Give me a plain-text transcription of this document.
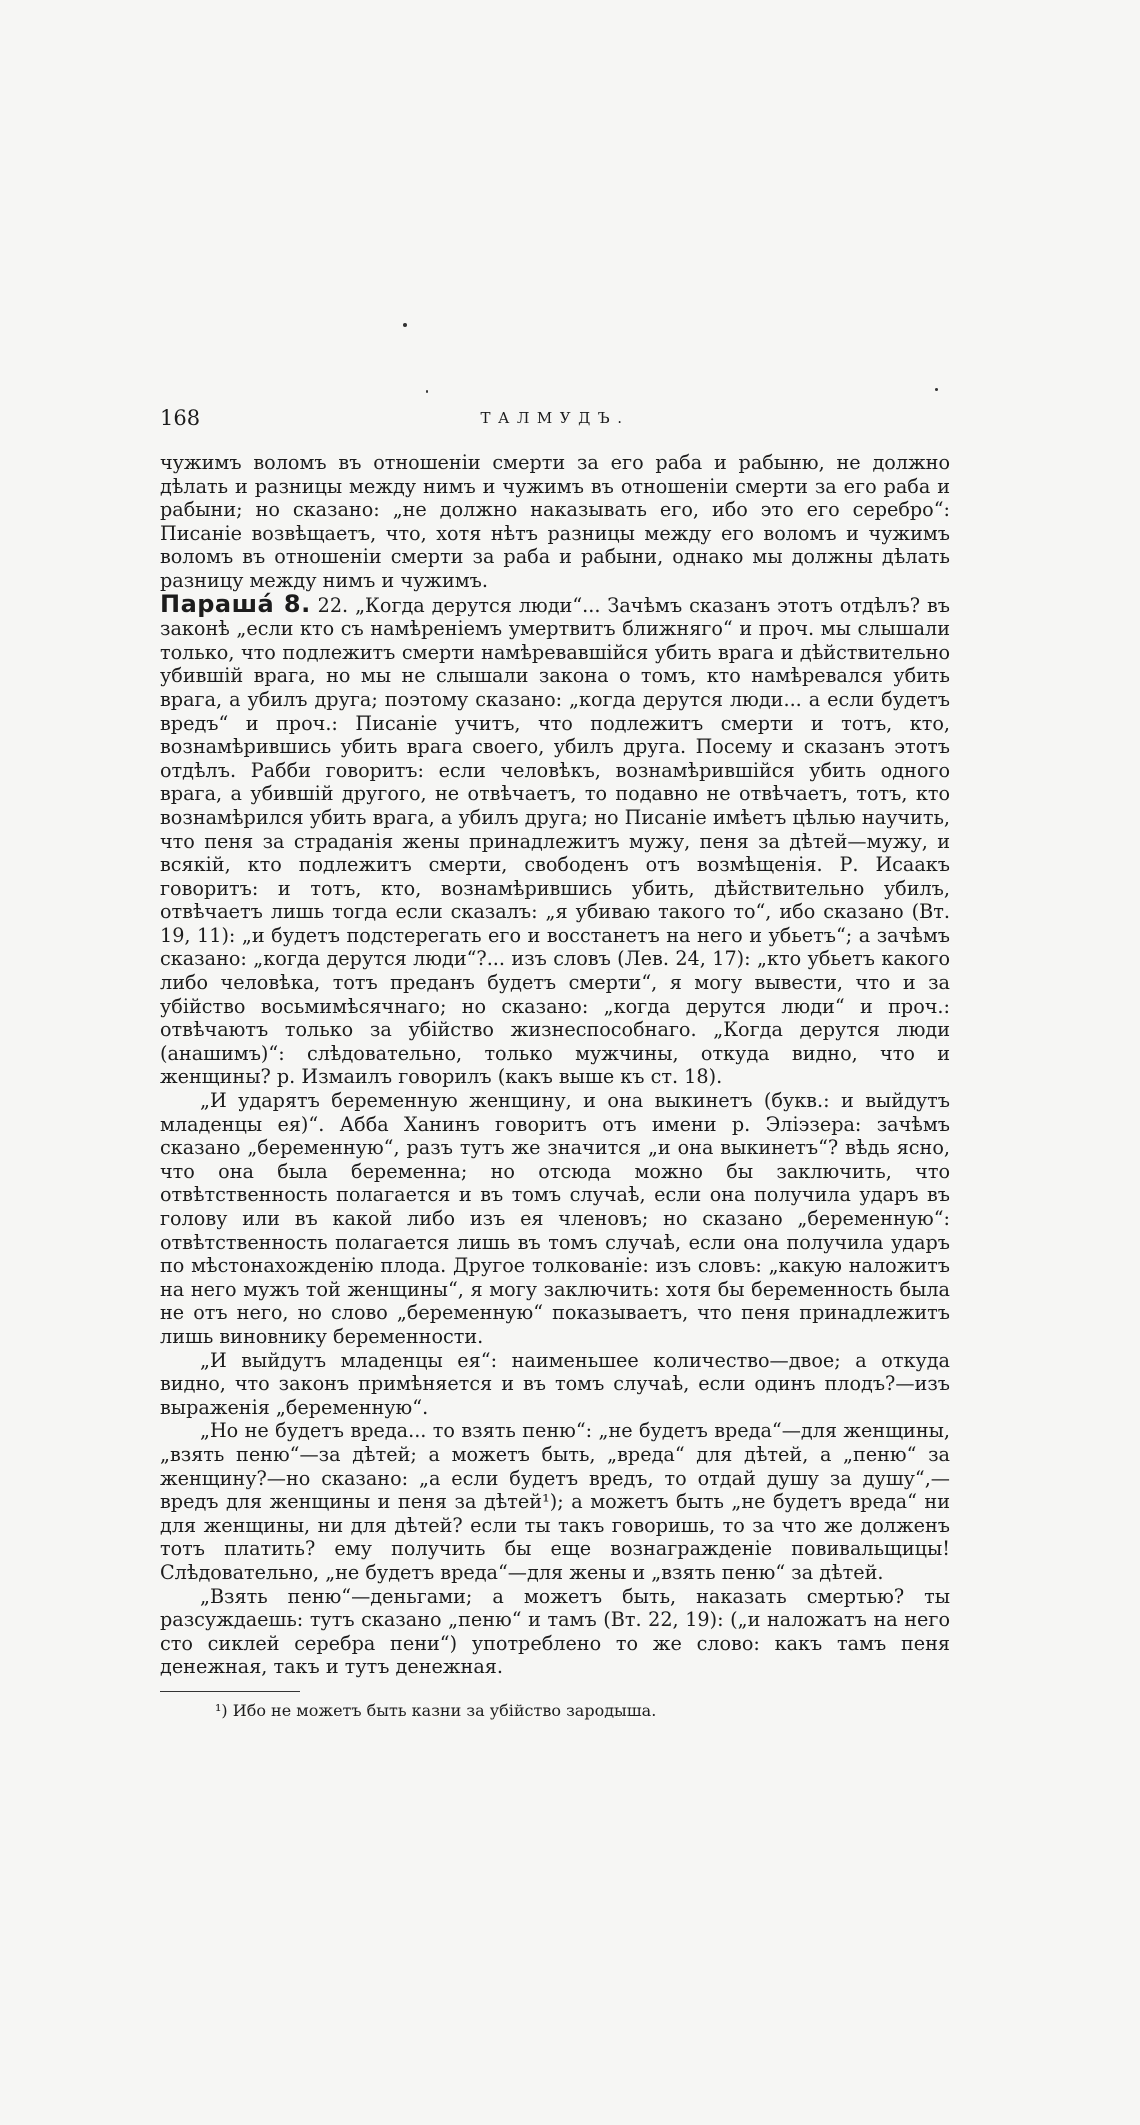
168	ТАЛМУДЪ.

чужимъ воломъ въ отношеніи смерти за его раба и рабыню, не должно дѣлать и разницы между нимъ и чужимъ въ отношеніи смерти за его раба и рабыни; но сказано: „не должно наказывать его, ибо это его серебро“: Писаніе возвѣщаетъ, что, хотя нѣтъ разницы между его воломъ и чужимъ воломъ въ отношеніи смерти за раба и рабыни, однако мы должны дѣлать разницу между нимъ и чужимъ.

Парашá 8. 22. „Когда дерутся люди“... Зачѣмъ сказанъ этотъ отдѣлъ? въ законѣ „если кто съ намѣреніемъ умертвитъ ближняго“ и проч. мы слышали только, что подлежитъ смерти намѣревавшійся убить врага и дѣйствительно убившій врага, но мы не слышали закона о томъ, кто намѣревался убить врага, а убилъ друга; поэтому сказано: „когда дерутся люди... а если будетъ вредъ“ и проч.: Писаніе учитъ, что подлежитъ смерти и тотъ, кто, вознамѣрившись убить врага своего, убилъ друга. Посему и сказанъ этотъ отдѣлъ. Рабби говоритъ: если человѣкъ, вознамѣрившійся убить одного врага, а убившій другого, не отвѣчаетъ, то подавно не отвѣчаетъ, тотъ, кто вознамѣрился убить врага, а убилъ друга; но Писаніе имѣетъ цѣлью научить, что пеня за страданія жены принадлежитъ мужу, пеня за дѣтей—мужу, и всякій, кто подлежитъ смерти, свободенъ отъ возмѣщенія. Р. Исаакъ говоритъ: и тотъ, кто, вознамѣрившись убить, дѣйствительно убилъ, отвѣчаетъ лишь тогда если сказалъ: „я убиваю такого то“, ибо сказано (Вт. 19, 11): „и будетъ подстерегать его и восстанетъ на него и убьетъ“; а зачѣмъ сказано: „когда дерутся люди“?... изъ словъ (Лев. 24, 17): „кто убьетъ какого либо человѣка, тотъ преданъ будетъ смерти“, я могу вывести, что и за убійство восьмимѣсячнаго; но сказано: „когда дерутся люди“ и проч.: отвѣчаютъ только за убійство жизнеспособнаго. „Когда дерутся люди (анашимъ)“: слѣдовательно, только мужчины, откуда видно, что и женщины? р. Измаилъ говорилъ (какъ выше къ ст. 18).

„И ударятъ беременную женщину, и она выкинетъ (букв.: и выйдутъ младенцы ея)“. Абба Ханинъ говоритъ отъ имени р. Элiэзера: зачѣмъ сказано „беременную“, разъ тутъ же значится „и она выкинетъ“? вѣдь ясно, что она была беременна; но отсюда можно бы заключить, что отвѣтственность полагается и въ томъ случаѣ, если она получила ударъ въ голову или въ какой либо изъ ея членовъ; но сказано „беременную“: отвѣтственность полагается лишь въ томъ случаѣ, если она получила ударъ по мѣстонахожденію плода. Другое толкованіе: изъ словъ: „какую наложитъ на него мужъ той женщины“, я могу заключить: хотя бы беременность была не отъ него, но слово „беременную“ показываетъ, что пеня принадлежитъ лишь виновнику беременности.

„И выйдутъ младенцы ея“: наименьшее количество—двое; а откуда видно, что законъ примѣняется и въ томъ случаѣ, если одинъ плодъ?—изъ выраженія „беременную“.

„Но не будетъ вреда... то взять пеню“: „не будетъ вреда“—для женщины, „взять пеню“—за дѣтей; а можетъ быть, „вреда“ для дѣтей, а „пеню“ за женщину?—но сказано: „а если будетъ вредъ, то отдай душу за душу“,—вредъ для женщины и пеня за дѣтей¹); а можетъ быть „не будетъ вреда“ ни для женщины, ни для дѣтей? если ты такъ говоришь, то за что же долженъ тотъ платить? ему получить бы еще вознагражденіе повивальщицы! Слѣдовательно, „не будетъ вреда“—для жены и „взять пеню“ за дѣтей.

„Взять пеню“—деньгами; а можетъ быть, наказать смертью? ты разсуждаешь: тутъ сказано „пеню“ и тамъ (Вт. 22, 19): („и наложатъ на него сто сиклей серебра пени“) употреблено то же слово: какъ тамъ пеня денежная, такъ и тутъ денежная.

¹) Ибо не можетъ быть казни за убійство зародыша.
